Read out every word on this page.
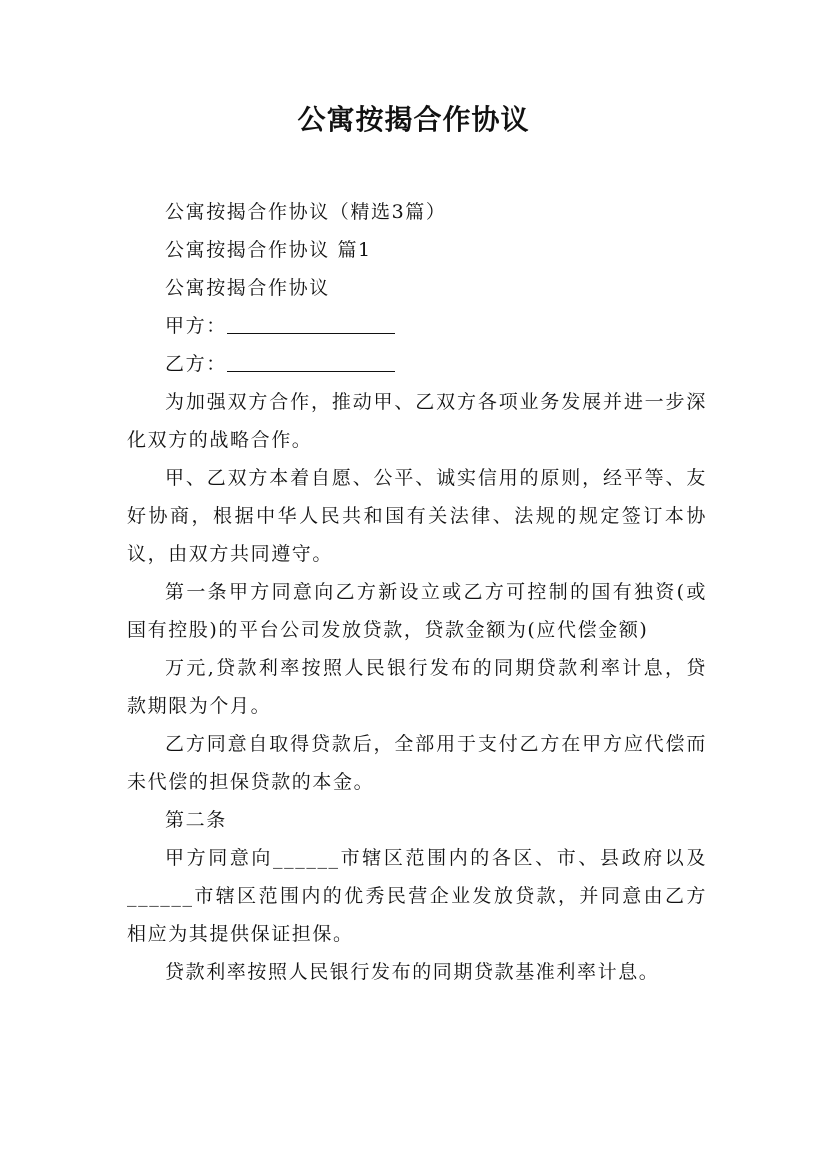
公寓按揭合作协议

公寓按揭合作协议（精选3篇）

公寓按揭合作协议 篇1

公寓按揭合作协议

甲方：

乙方：

为加强双方合作，推动甲、乙双方各项业务发展并进一步深化双方的战略合作。

甲、乙双方本着自愿、公平、诚实信用的原则，经平等、友好协商，根据中华人民共和国有关法律、法规的规定签订本协议，由双方共同遵守。

第一条甲方同意向乙方新设立或乙方可控制的国有独资(或国有控股)的平台公司发放贷款，贷款金额为(应代偿金额)

万元,贷款利率按照人民银行发布的同期贷款利率计息，贷款期限为个月。

乙方同意自取得贷款后，全部用于支付乙方在甲方应代偿而未代偿的担保贷款的本金。

第二条

甲方同意向______市辖区范围内的各区、市、县政府以及______市辖区范围内的优秀民营企业发放贷款，并同意由乙方相应为其提供保证担保。

贷款利率按照人民银行发布的同期贷款基准利率计息。
